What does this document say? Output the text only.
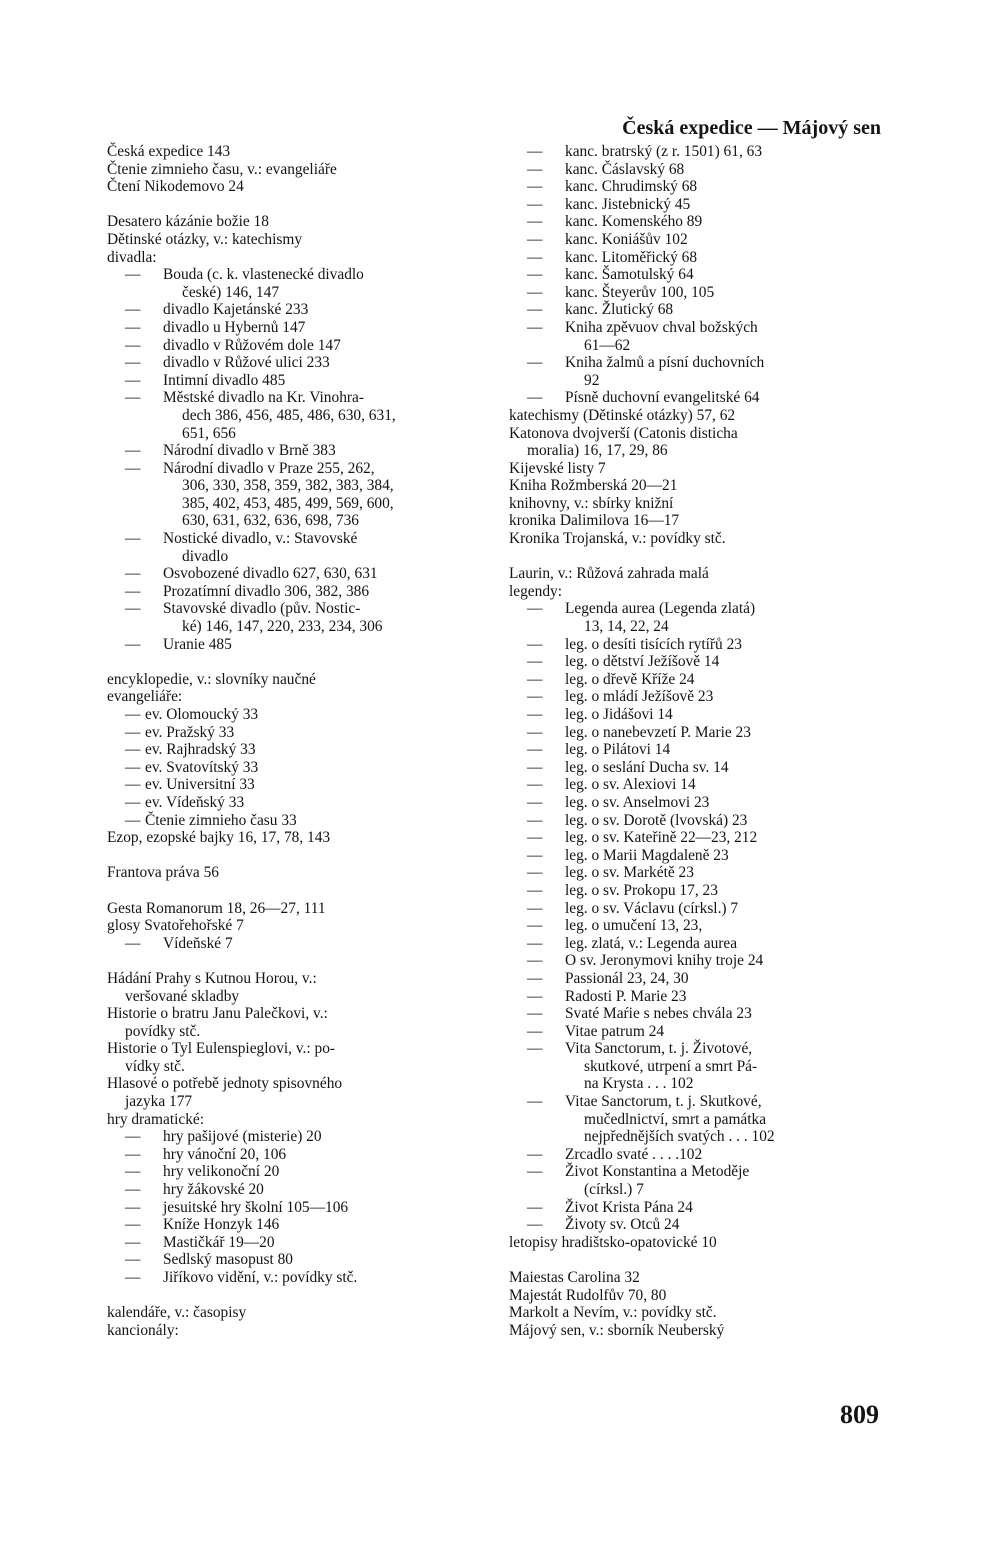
Česká expedice — Májový sen
Česká expedice 143
Čtenie zimnieho času, v.: evangeliáře
Čtení Nikodemovo 24
Desatero kázánie božie 18
Dětinské otázky, v.: katechismy
divadla:
— Bouda (c. k. vlastenecké divadlo
české) 146, 147
— divadlo Kajetánské 233
— divadlo u Hybernů 147
— divadlo v Růžovém dole 147
— divadlo v Růžové ulici 233
— Intimní divadlo 485
— Městské divadlo na Kr. Vinohra-
dech 386, 456, 485, 486, 630, 631,
651, 656
— Národní divadlo v Brně 383
— Národní divadlo v Praze 255, 262,
306, 330, 358, 359, 382, 383, 384,
385, 402, 453, 485, 499, 569, 600,
630, 631, 632, 636, 698, 736
— Nostické divadlo, v.: Stavovské
divadlo
— Osvobozené divadlo 627, 630, 631
— Prozatímní divadlo 306, 382, 386
— Stavovské divadlo (pův. Nostic-
ké) 146, 147, 220, 233, 234, 306
— Uranie 485
encyklopedie, v.: slovníky naučné
evangeliáře:
— ev. Olomoucký 33
— ev. Pražský 33
— ev. Rajhradský 33
— ev. Svatovítský 33
— ev. Universitní 33
— ev. Vídeňský 33
— Čtenie zimnieho času 33
Ezop, ezopské bajky 16, 17, 78, 143
Frantova práva 56
Gesta Romanorum 18, 26—27, 111
glosy Svatořehořské 7
— Vídeňské 7
Hádání Prahy s Kutnou Horou, v.:
veršované skladby
Historie o bratru Janu Palečkovi, v.:
povídky stč.
Historie o Tyl Eulenspieglovi, v.: po-
vídky stč.
Hlasové o potřebě jednoty spisovného
jazyka 177
hry dramatické:
— hry pašijové (misterie) 20
— hry vánoční 20, 106
— hry velikonoční 20
— hry žákovské 20
— jesuitské hry školní 105—106
— Kníže Honzyk 146
— Mastičkář 19—20
— Sedlský masopust 80
— Jiříkovo vidění, v.: povídky stč.
kalendáře, v.: časopisy
kancionály:
— kanc. bratrský (z r. 1501) 61, 63
— kanc. Čáslavský 68
— kanc. Chrudimský 68
— kanc. Jistebnický 45
— kanc. Komenského 89
— kanc. Koniášův 102
— kanc. Litoměřický 68
— kanc. Šamotulský 64
— kanc. Šteyerův 100, 105
— kanc. Žlutický 68
— Kniha zpěvuov chval božských
61—62
— Kniha žalmů a písní duchovních
92
— Písně duchovní evangelitské 64
katechismy (Dětinské otázky) 57, 62
Katonova dvojverší (Catonis disticha
moralia) 16, 17, 29, 86
Kijevské listy 7
Kniha Rožmberská 20—21
knihovny, v.: sbírky knižní
kronika Dalimilova 16—17
Kronika Trojanská, v.: povídky stč.
Laurin, v.: Růžová zahrada malá
legendy:
— Legenda aurea (Legenda zlatá)
13, 14, 22, 24
— leg. o desíti tisících rytířů 23
— leg. o dětství Ježíšově 14
— leg. o dřevě Kříže 24
— leg. o mládí Ježíšově 23
— leg. o Jidášovi 14
— leg. o nanebevzetí P. Marie 23
— leg. o Pilátovi 14
— leg. o seslání Ducha sv. 14
— leg. o sv. Alexiovi 14
— leg. o sv. Anselmovi 23
— leg. o sv. Dorotě (lvovská) 23
— leg. o sv. Kateřině 22—23, 212
— leg. o Marii Magdaleně 23
— leg. o sv. Markétě 23
— leg. o sv. Prokopu 17, 23
— leg. o sv. Václavu (círksl.) 7
— leg. o umučení 13, 23,
— leg. zlatá, v.: Legenda aurea
— O sv. Jeronymovi knihy troje 24
— Passionál 23, 24, 30
— Radosti P. Marie 23
— Svaté Maŕie s nebes chvála 23
— Vitae patrum 24
— Vita Sanctorum, t. j. Životové,
skutkové, utrpení a smrt Pá-
na Krysta . . . 102
— Vitae Sanctorum, t. j. Skutkové,
mučedlnictví, smrt a památka
nejpřednějších svatých . . . 102
— Zrcadlo svaté . . . .102
— Život Konstantina a Metoděje
(círksl.) 7
— Život Krista Pána 24
— Životy sv. Otců 24
letopisy hradištsko-opatovické 10
Maiestas Carolina 32
Majestát Rudolfův 70, 80
Markolt a Nevím, v.: povídky stč.
Májový sen, v.: sborník Neuberský
809
